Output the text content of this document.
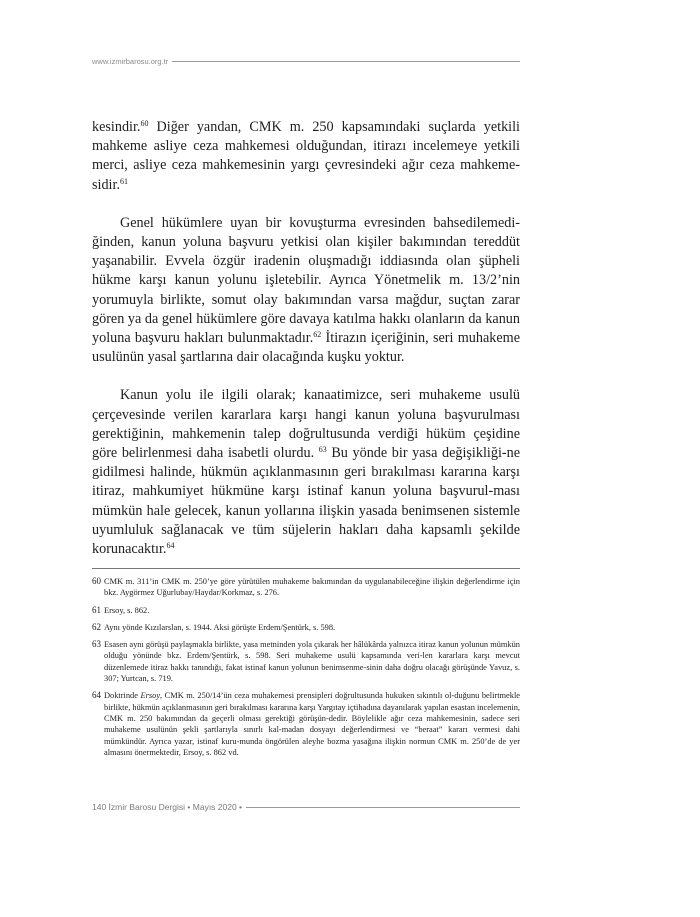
www.izmirbarosu.org.tr

kesindir.$^{60}$ Diğer yandan, CMK m. 250 kapsamındaki suçlarda yetkili mahkeme asliye ceza mahkemesi olduğundan, itirazı incelemeye yetkili merci, asliye ceza mahkemesinin yargı çevresindeki ağır ceza mahkeme-sidir.$^{61}$

Genel hükümlere uyan bir kovuşturma evresinden bahsedilemedi-ğinden, kanun yoluna başvuru yetkisi olan kişiler bakımından tereddüt yaşanabilir. Evvela özgür iradenin oluşmadığı iddiasında olan şüpheli hükme karşı kanun yolunu işletebilir. Ayrıca Yönetmelik m. 13/2’nin yorumuyla birlikte, somut olay bakımından varsa mağdur, suçtan zarar gören ya da genel hükümlere göre davaya katılma hakkı olanların da kanun yoluna başvuru hakları bulunmaktadır.$^{62}$ İtirazın içeriğinin, seri muhakeme usulünün yasal şartlarına dair olacağında kuşku yoktur.

Kanun yolu ile ilgili olarak; kanaatimizce, seri muhakeme usulü çerçevesinde verilen kararlara karşı hangi kanun yoluna başvurulması gerektiğinin, mahkemenin talep doğrultusunda verdiği hüküm çeşidine göre belirlenmesi daha isabetli olurdu. $^{63}$ Bu yönde bir yasa değişikliği-ne gidilmesi halinde, hükmün açıklanmasının geri bırakılması kararına karşı itiraz, mahkumiyet hükmüne karşı istinaf kanun yoluna başvurul-ması mümkün hale gelecek, kanun yollarına ilişkin yasada benimsenen sistemle uyumluluk sağlanacak ve tüm süjelerin hakları daha kapsamlı şekilde korunacaktır.$^{64}$

60 CMK m. 311’in CMK m. 250’ye göre yürütülen muhakeme bakımından da uygulanabileceğine ilişkin değerlendirme için bkz. Aygörmez Uğurlubay/Haydar/Korkmaz, s. 276.
61 Ersoy, s. 862.
62 Aynı yönde Kızılarslan, s. 1944. Aksi görüşte Erdem/Şentürk, s. 598.
63 Esasen aynı görüşü paylaşmakla birlikte, yasa metninden yola çıkarak her hâlükârda yalnızca itiraz kanun yolunun mümkün olduğu yönünde bkz. Erdem/Şentürk, s. 598. Seri muhakeme usulü kapsamında veri-len kararlara karşı mevcut düzenlemede itiraz hakkı tanındığı, fakat istinaf kanun yolunun benimsenme-sinin daha doğru olacağı görüşünde Yavuz, s. 307; Yurtcan, s. 719.
64 Doktrinde Ersoy, CMK m. 250/14’ün ceza muhakemesi prensipleri doğrultusunda hukuken sıkıntılı ol-duğunu belirtmekle birlikte, hükmün açıklanmasının geri bırakılması kararına karşı Yargıtay içtihadına dayanılarak yapılan esastan incelemenin, CMK m. 250 bakımından da geçerli olması gerektiği görüşün-dedir. Böylelikle ağır ceza mahkemesinin, sadece seri muhakeme usulünün şekli şartlarıyla sınırlı kal-madan dosyayı değerlendirmesi ve “beraat” kararı vermesi dahi mümkündür. Ayrıca yazar, istinaf kuru-munda öngörülen aleyhe bozma yasağına ilişkin normun CMK m. 250’de de yer almasını önermektedir, Ersoy, s. 862 vd.
140 İzmir Barosu Dergisi • Mayıs 2020 •
